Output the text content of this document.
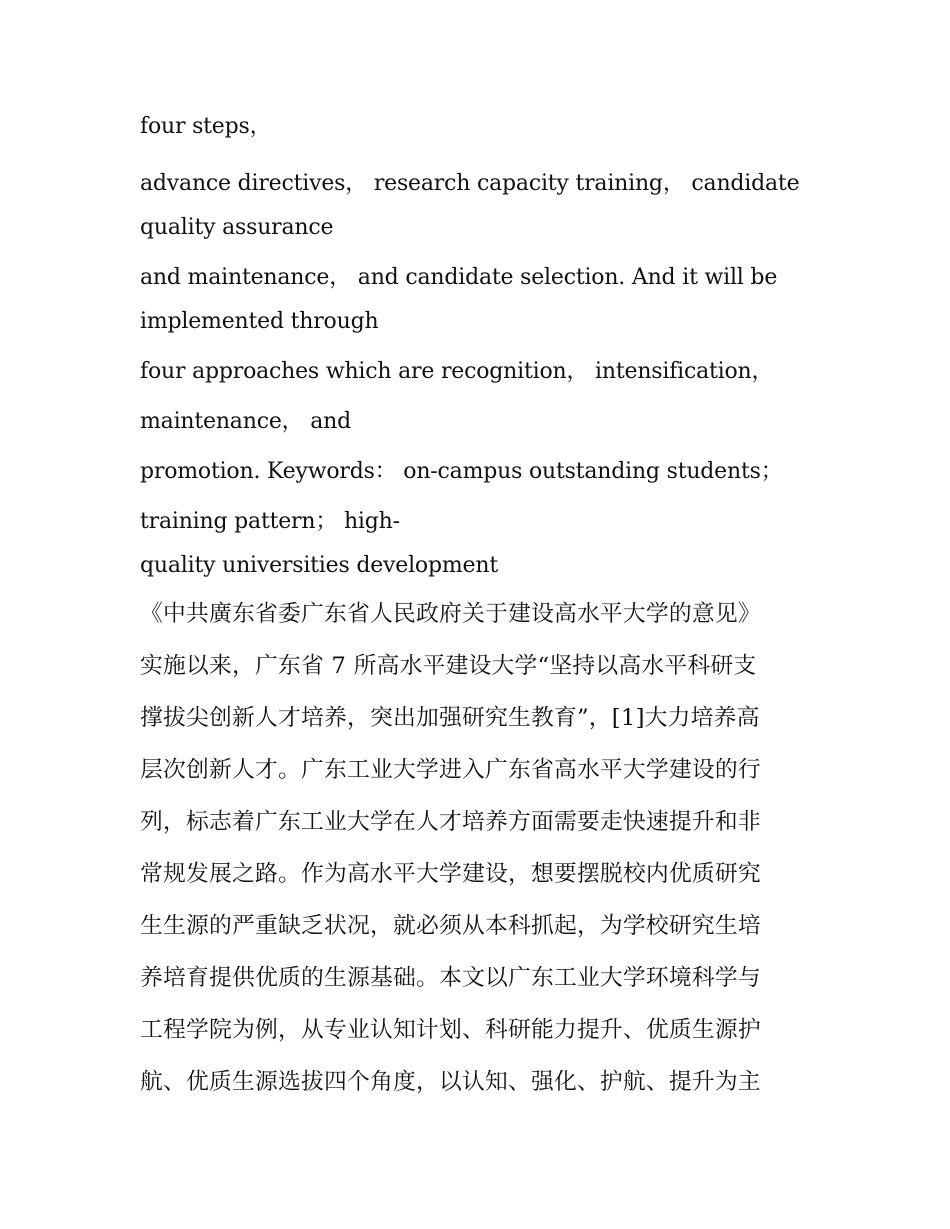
four steps，

advance directives， research capacity training， candidate
quality assurance

and maintenance， and candidate selection. And it will be
implemented through

four approaches which are recognition， intensification，

maintenance， and

promotion. Keywords： on-campus outstanding students；

training pattern； high-
quality universities development

《中共廣东省委广东省人民政府关于建设高水平大学的意见》
实施以来，广东省 7 所高水平建设大学“坚持以高水平科研支
撑拔尖创新人才培养，突出加强研究生教育”，[1]大力培养高
层次创新人才。广东工业大学进入广东省高水平大学建设的行
列，标志着广东工业大学在人才培养方面需要走快速提升和非
常规发展之路。作为高水平大学建设，想要摆脱校内优质研究
生生源的严重缺乏状况，就必须从本科抓起，为学校研究生培
养培育提供优质的生源基础。本文以广东工业大学环境科学与
工程学院为例，从专业认知计划、科研能力提升、优质生源护
航、优质生源选拔四个角度，以认知、强化、护航、提升为主
